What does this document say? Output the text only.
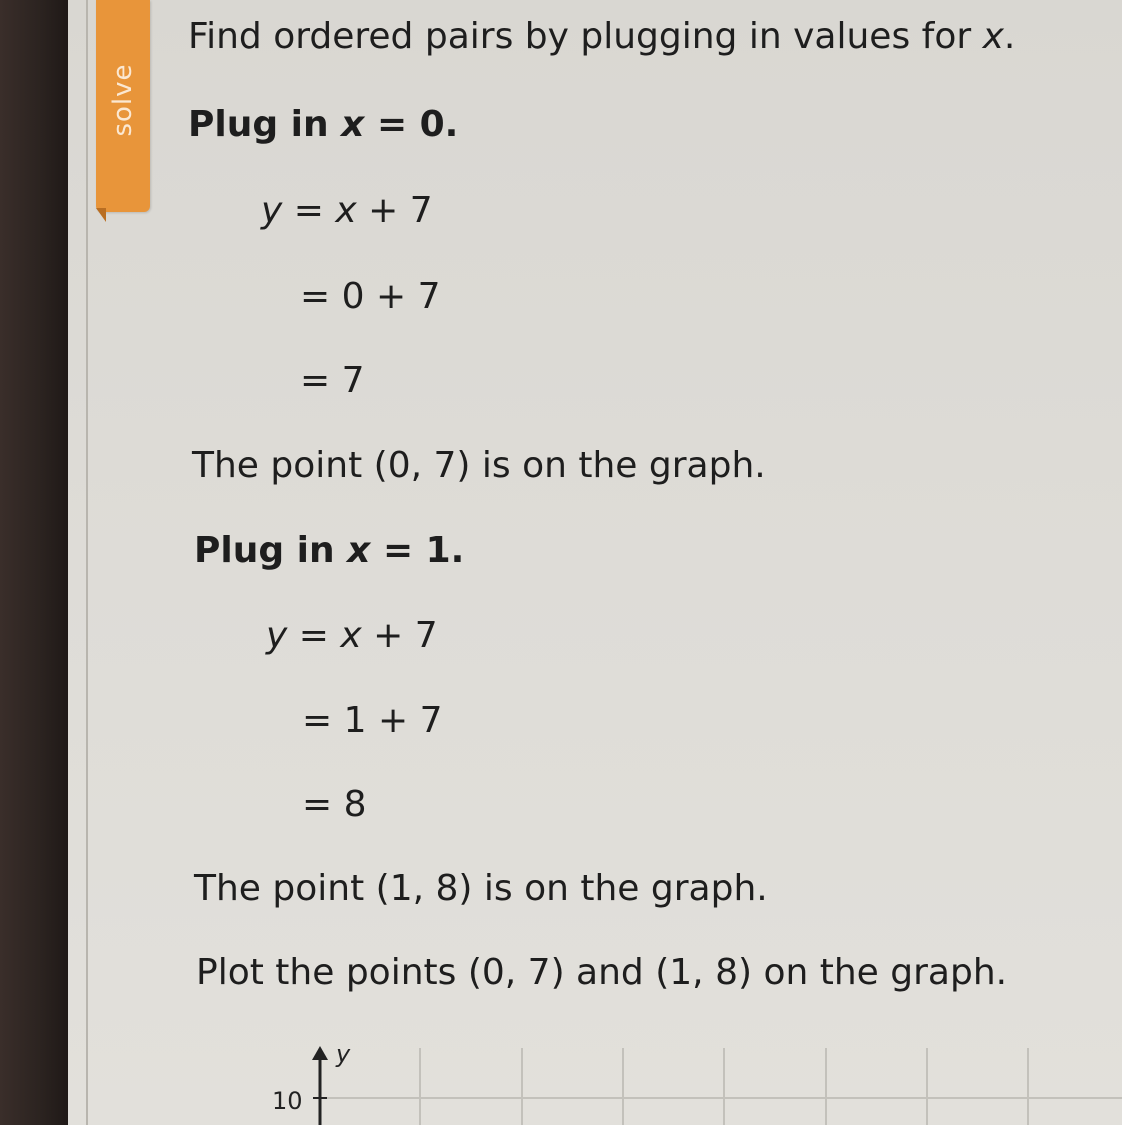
solve
Find ordered pairs by plugging in values for x.
Plug in x = 0.
y = x + 7
= 0 + 7
= 7
The point (0, 7) is on the graph.
Plug in x = 1.
y = x + 7
= 1 + 7
= 8
The point (1, 8) is on the graph.
Plot the points (0, 7) and (1, 8) on the graph.
y
10
